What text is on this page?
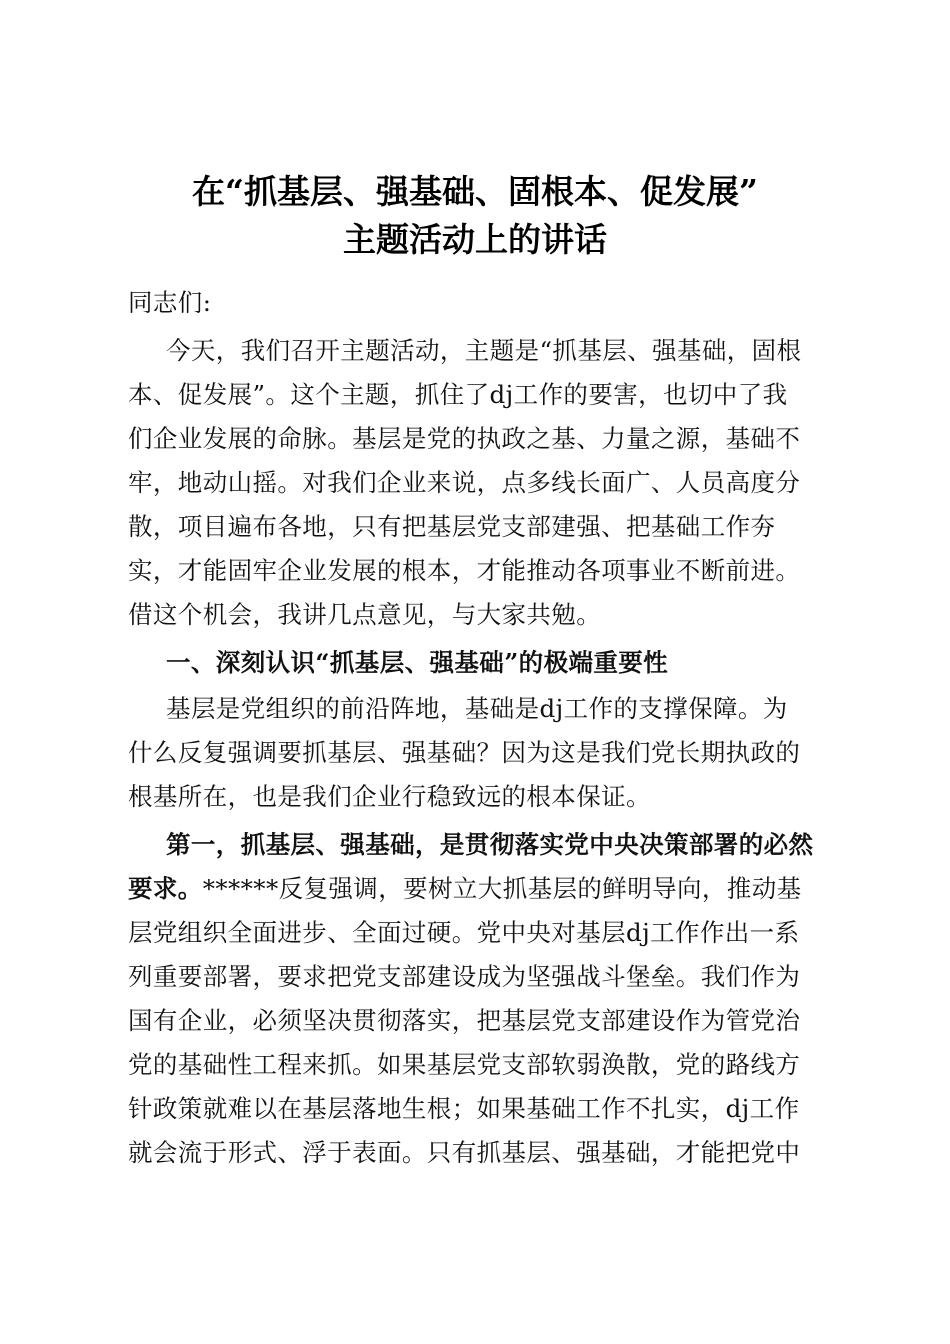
在“抓基层、强基础、固根本、促发展”
主题活动上的讲话
同志们:
今天，我们召开主题活动，主题是“抓基层、强基础，固根
本、促发展”。这个主题，抓住了dj工作的要害，也切中了我
们企业发展的命脉。基层是党的执政之基、力量之源，基础不
牢，地动山摇。对我们企业来说，点多线长面广、人员高度分
散，项目遍布各地，只有把基层党支部建强、把基础工作夯
实，才能固牢企业发展的根本，才能推动各项事业不断前进。
借这个机会，我讲几点意见，与大家共勉。
一、深刻认识“抓基层、强基础”的极端重要性
基层是党组织的前沿阵地，基础是dj工作的支撑保障。为
什么反复强调要抓基层、强基础？因为这是我们党长期执政的
根基所在，也是我们企业行稳致远的根本保证。
第一，抓基层、强基础，是贯彻落实党中央决策部署的必然
要求。******反复强调，要树立大抓基层的鲜明导向，推动基
层党组织全面进步、全面过硬。党中央对基层dj工作作出一系
列重要部署，要求把党支部建设成为坚强战斗堡垒。我们作为
国有企业，必须坚决贯彻落实，把基层党支部建设作为管党治
党的基础性工程来抓。如果基层党支部软弱涣散，党的路线方
针政策就难以在基层落地生根；如果基础工作不扎实，dj工作
就会流于形式、浮于表面。只有抓基层、强基础，才能把党中
